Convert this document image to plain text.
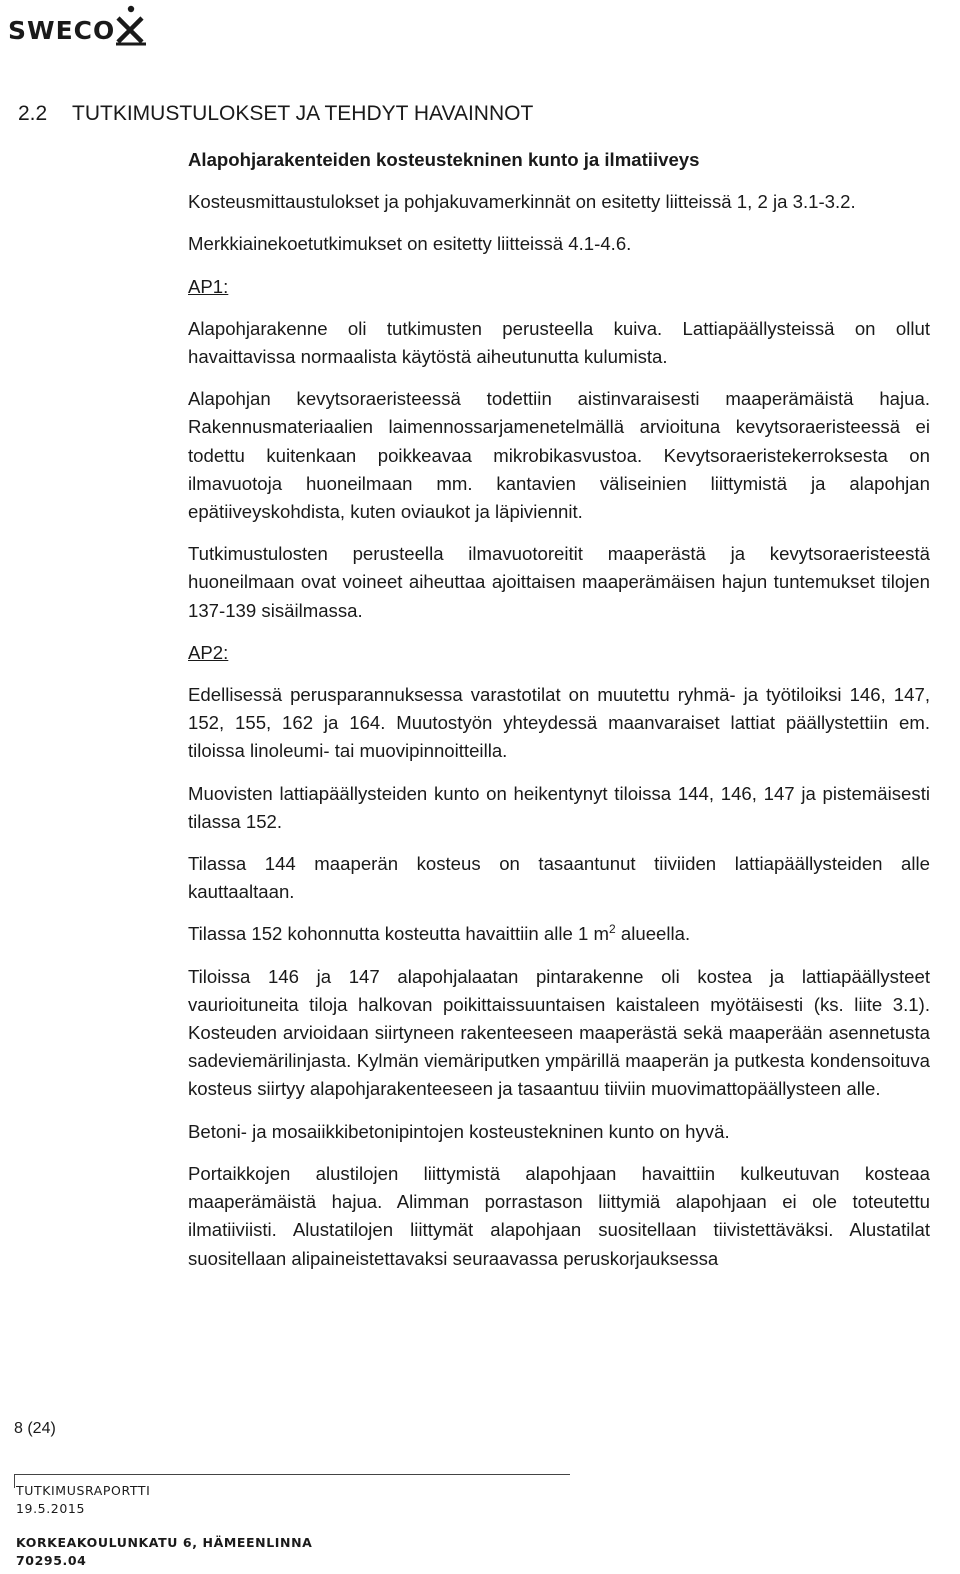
SWECO
2.2 TUTKIMUSTULOKSET JA TEHDYT HAVAINNOT

Alapohjarakenteiden kosteustekninen kunto ja ilmatiiveys

Kosteusmittaustulokset ja pohjakuvamerkinnät on esitetty liitteissä 1, 2 ja 3.1-3.2.

Merkkiainekoetutkimukset on esitetty liitteissä 4.1-4.6.

AP1:

Alapohjarakenne oli tutkimusten perusteella kuiva. Lattiapäällysteissä on ollut havaittavissa normaalista käytöstä aiheutunutta kulumista.

Alapohjan kevytsoraeristeessä todettiin aistinvaraisesti maaperämäistä hajua. Rakennusmateriaalien laimennossarjamenetelmällä arvioituna kevytsoraeristeessä ei todettu kuitenkaan poikkeavaa mikrobikasvustoa. Kevytsoraeristekerroksesta on ilmavuotoja huoneilmaan mm. kantavien väliseinien liittymistä ja alapohjan epätiiveyskohdista, kuten oviaukot ja läpiviennit.

Tutkimustulosten perusteella ilmavuotoreitit maaperästä ja kevytsoraeristeestä huoneilmaan ovat voineet aiheuttaa ajoittaisen maaperämäisen hajun tuntemukset tilojen 137-139 sisäilmassa.

AP2:

Edellisessä perusparannuksessa varastotilat on muutettu ryhmä- ja työtiloiksi 146, 147, 152, 155, 162 ja 164. Muutostyön yhteydessä maanvaraiset lattiat päällystettiin em. tiloissa linoleumi- tai muovipinnoitteilla.

Muovisten lattiapäällysteiden kunto on heikentynyt tiloissa 144, 146, 147 ja pistemäisesti tilassa 152.

Tilassa 144 maaperän kosteus on tasaantunut tiiviiden lattiapäällysteiden alle kauttaaltaan.

Tilassa 152 kohonnutta kosteutta havaittiin alle 1 $m^2$ alueella.

Tiloissa 146 ja 147 alapohjalaatan pintarakenne oli kostea ja lattiapäällysteet vaurioituneita tiloja halkovan poikittaissuuntaisen kaistaleen myötäisesti (ks. liite 3.1). Kosteuden arvioidaan siirtyneen rakenteeseen maaperästä sekä maaperään asennetusta sadeviemärilinjasta. Kylmän viemäriputken ympärillä maaperän ja putkesta kondensoituva kosteus siirtyy alapohjarakenteeseen ja tasaantuu tiiviin muovimattopäällysteen alle.

Betoni- ja mosaiikkibetonipintojen kosteustekninen kunto on hyvä.

Portaikkojen alustilojen liittymistä alapohjaan havaittiin kulkeutuvan kosteaa maaperämäistä hajua. Alimman porrastason liittymiä alapohjaan ei ole toteutettu ilmatiiviisti. Alustatilojen liittymät alapohjaan suositellaan tiivistettäväksi. Alustatilat suositellaan alipaineistettavaksi seuraavassa peruskorjauksessa

8 (24)
TUTKIMUSRAPORTTI
19.5.2015
KORKEAKOULUNKATU 6, HÄMEENLINNA
70295.04
